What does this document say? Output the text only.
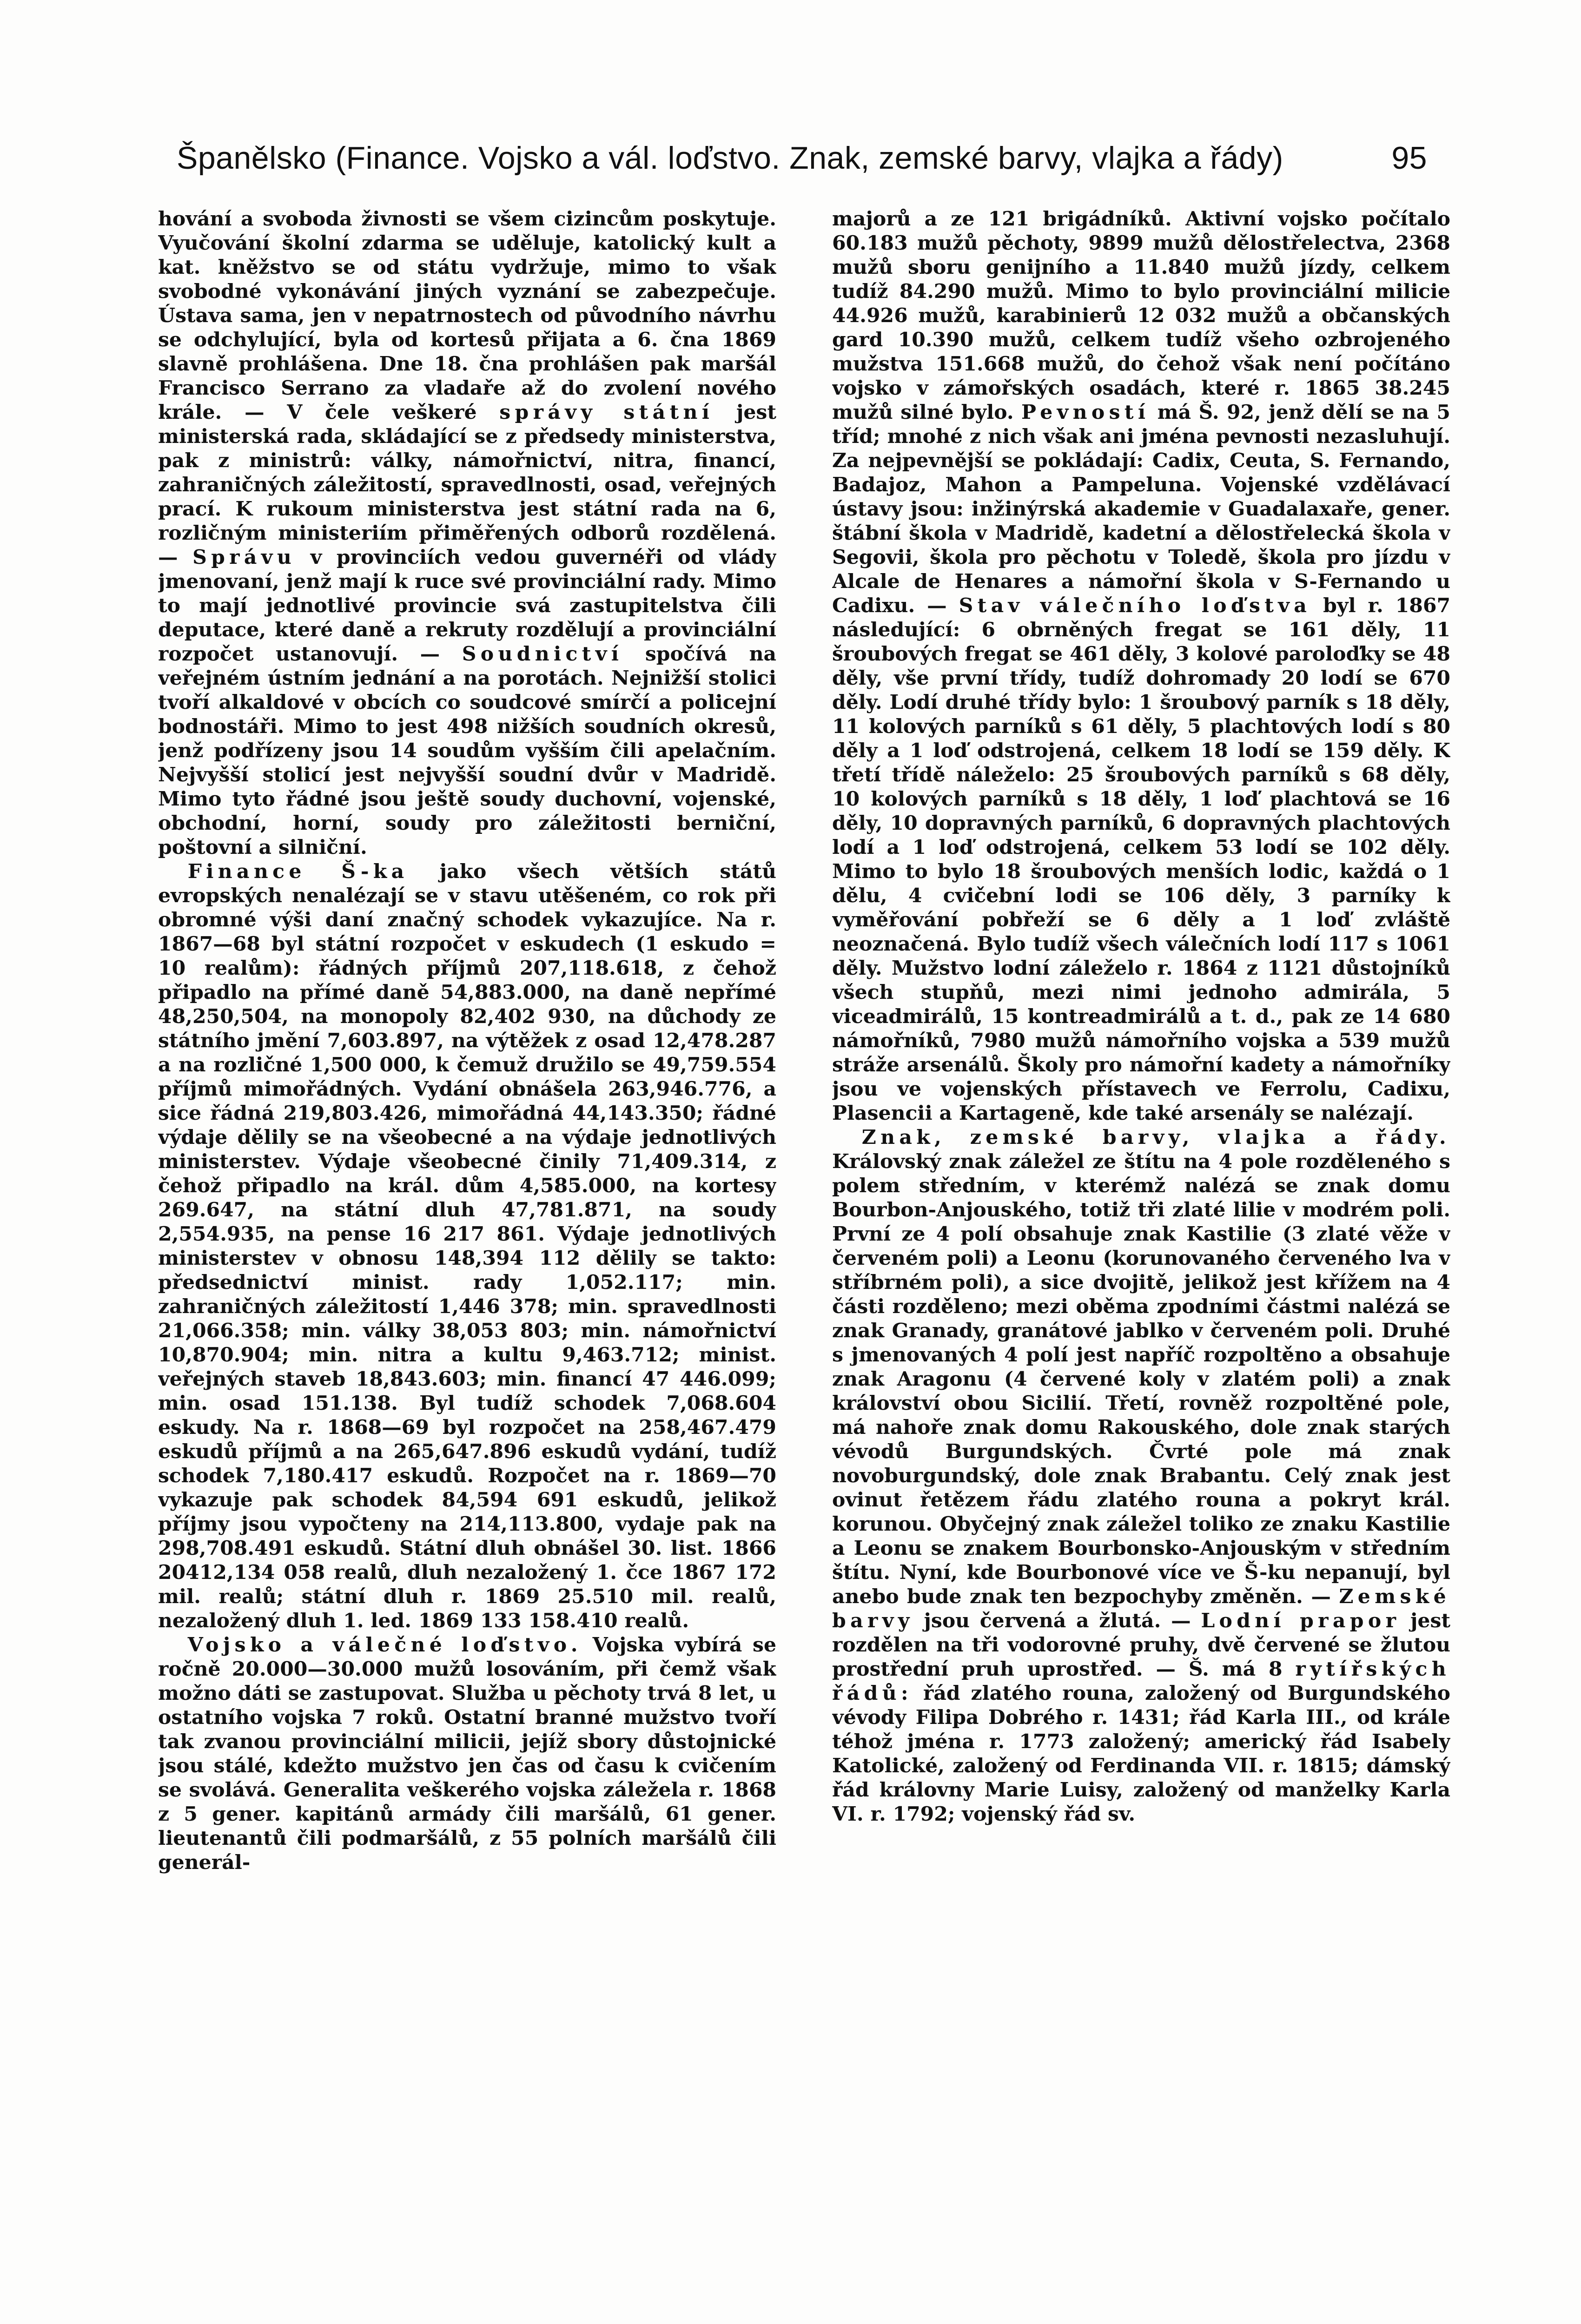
Španělsko (Finance. Vojsko a vál. loďstvo. Znak, zemské barvy, vlajka a řády)	95

hování a svoboda živnosti se všem cizincům poskytuje. Vyučování školní zdarma se uděluje, katolický kult a kat. kněžstvo se od státu vydržuje, mimo to však svobodné vykonávání jiných vyznání se zabezpečuje. Ústava sama, jen v nepatrnostech od původního návrhu se odchylující, byla od kortesů přijata a 6. čna 1869 slavně prohlášena. Dne 18. čna prohlášen pak maršál Francisco Serrano za vladaře až do zvolení nového krále. — V čele veškeré správy státní jest ministerská rada, skládající se z předsedy ministerstva, pak z ministrů: války, námořnictví, nitra, financí, zahraničných záležitostí, spravedlnosti, osad, veřejných prací. K rukoum ministerstva jest státní rada na 6, rozličným ministeriím přiměřených odborů rozdělená. — Správu v provinciích vedou guvernéři od vlády jmenovaní, jenž mají k ruce své provinciální rady. Mimo to mají jednotlivé provincie svá zastupitelstva čili deputace, které daně a rekruty rozdělují a provinciální rozpočet ustanovují. — Soudnictví spočívá na veřejném ústním jednání a na porotách. Nejnižší stolici tvoří alkaldové v obcích co soudcové smírčí a policejní bodnostáři. Mimo to jest 498 nižších soudních okresů, jenž podřízeny jsou 14 soudům vyšším čili apelačním. Nejvyšší stolicí jest nejvyšší soudní dvůr v Madridě. Mimo tyto řádné jsou ještě soudy duchovní, vojenské, obchodní, horní, soudy pro záležitosti berniční, poštovní a silniční.

Finance Š-ka jako všech větších států evropských nenalézají se v stavu utěšeném, co rok při obromné výši daní značný schodek vykazujíce. Na r. 1867—68 byl státní rozpočet v eskudech (1 eskudo = 10 realům): řádných příjmů 207,118.618, z čehož připadlo na přímé daně 54,883.000, na daně nepřímé 48,250,504, na monopoly 82,402 930, na důchody ze státního jmění 7,603.897, na výtěžek z osad 12,478.287 a na rozličné 1,500 000, k čemuž družilo se 49,759.554 příjmů mimořádných. Vydání obnášela 263,946.776, a sice řádná 219,803.426, mimořádná 44,143.350; řádné výdaje dělily se na všeobecné a na výdaje jednotlivých ministerstev. Výdaje všeobecné činily 71,409.314, z čehož připadlo na král. dům 4,585.000, na kortesy 269.647, na státní dluh 47,781.871, na soudy 2,554.935, na pense 16 217 861. Výdaje jednotlivých ministerstev v obnosu 148,394 112 dělily se takto: předsednictví minist. rady 1,052.117; min. zahraničných záležitostí 1,446 378; min. spravedlnosti 21,066.358; min. války 38,053 803; min. námořnictví 10,870.904; min. nitra a kultu 9,463.712; minist. veřejných staveb 18,843.603; min. financí 47 446.099; min. osad 151.138. Byl tudíž schodek 7,068.604 eskudy. Na r. 1868—69 byl rozpočet na 258,467.479 eskudů příjmů a na 265,647.896 eskudů vydání, tudíž schodek 7,180.417 eskudů. Rozpočet na r. 1869—70 vykazuje pak schodek 84,594 691 eskudů, jelikož příjmy jsou vypočteny na 214,113.800, vydaje pak na 298,708.491 eskudů. Státní dluh obnášel 30. list. 1866 20412,134 058 realů, dluh nezaložený 1. čce 1867 172 mil. realů; státní dluh r. 1869 25.510 mil. realů, nezaložený dluh 1. led. 1869 133 158.410 realů.

Vojsko a válečné loďstvo. Vojska vybírá se ročně 20.000—30.000 mužů losováním, při čemž však možno dáti se zastupovat. Služba u pěchoty trvá 8 let, u ostatního vojska 7 roků. Ostatní branné mužstvo tvoří tak zvanou provinciální milicii, jejíž sbory důstojnické jsou stálé, kdežto mužstvo jen čas od času k cvičením se svolává. Generalita veškerého vojska záležela r. 1868 z 5 gener. kapitánů armády čili maršálů, 61 gener. lieutenantů čili podmaršálů, z 55 polních maršálů čili generál-

majorů a ze 121 brigádníků. Aktivní vojsko počítalo 60.183 mužů pěchoty, 9899 mužů dělostřelectva, 2368 mužů sboru genijního a 11.840 mužů jízdy, celkem tudíž 84.290 mužů. Mimo to bylo provinciální milicie 44.926 mužů, karabinierů 12 032 mužů a občanských gard 10.390 mužů, celkem tudíž všeho ozbrojeného mužstva 151.668 mužů, do čehož však není počítáno vojsko v zámořských osadách, které r. 1865 38.245 mužů silné bylo. Pevností má Š. 92, jenž dělí se na 5 tříd; mnohé z nich však ani jména pevnosti nezasluhují. Za nejpevnější se pokládají: Cadix, Ceuta, S. Fernando, Badajoz, Mahon a Pampeluna. Vojenské vzdělávací ústavy jsou: inžinýrská akademie v Guadalaxaře, gener. štábní škola v Madridě, kadetní a dělostřelecká škola v Segovii, škola pro pěchotu v Toledě, škola pro jízdu v Alcale de Henares a námořní škola v S-Fernando u Cadixu. — Stav válečního loďstva byl r. 1867 následující: 6 obrněných fregat se 161 děly, 11 šroubových fregat se 461 děly, 3 kolové paroloďky se 48 děly, vše první třídy, tudíž dohromady 20 lodí se 670 děly. Lodí druhé třídy bylo: 1 šroubový parník s 18 děly, 11 kolových parníků s 61 děly, 5 plachtových lodí s 80 děly a 1 loď odstrojená, celkem 18 lodí se 159 děly. K třetí třídě náleželo: 25 šroubových parníků s 68 děly, 10 kolových parníků s 18 děly, 1 loď plachtová se 16 děly, 10 dopravných parníků, 6 dopravných plachtových lodí a 1 loď odstrojená, celkem 53 lodí se 102 děly. Mimo to bylo 18 šroubových menších lodic, každá o 1 dělu, 4 cvičební lodi se 106 děly, 3 parníky k vyměřování pobřeží se 6 děly a 1 loď zvláště neoznačená. Bylo tudíž všech válečních lodí 117 s 1061 děly. Mužstvo lodní záleželo r. 1864 z 1121 důstojníků všech stupňů, mezi nimi jednoho admirála, 5 viceadmirálů, 15 kontreadmirálů a t. d., pak ze 14 680 námořníků, 7980 mužů námořního vojska a 539 mužů stráže arsenálů. Školy pro námořní kadety a námořníky jsou ve vojenských přístavech ve Ferrolu, Cadixu, Plasencii a Kartageně, kde také arsenály se nalézají.

Znak, zemské barvy, vlajka a řády. Královský znak záležel ze štítu na 4 pole rozděleného s polem středním, v kterémž nalézá se znak domu Bourbon-Anjouského, totiž tři zlaté lilie v modrém poli. První ze 4 polí obsahuje znak Kastilie (3 zlaté věže v červeném poli) a Leonu (korunovaného červeného lva v stříbrném poli), a sice dvojitě, jelikož jest křížem na 4 části rozděleno; mezi oběma zpodními částmi nalézá se znak Granady, granátové jablko v červeném poli. Druhé s jmenovaných 4 polí jest napříč rozpoltěno a obsahuje znak Aragonu (4 červené koly v zlatém poli) a znak království obou Sicilií. Třetí, rovněž rozpoltěné pole, má nahoře znak domu Rakouského, dole znak starých vévodů Burgundských. Čvrté pole má znak novoburgundský, dole znak Brabantu. Celý znak jest ovinut řetězem řádu zlatého rouna a pokryt král. korunou. Obyčejný znak záležel toliko ze znaku Kastilie a Leonu se znakem Bourbonsko-Anjouským v středním štítu. Nyní, kde Bourbonové více ve Š-ku nepanují, byl anebo bude znak ten bezpochyby změněn. — Zemské barvy jsou červená a žlutá. — Lodní prapor jest rozdělen na tři vodorovné pruhy, dvě červené se žlutou prostřední pruh uprostřed. — Š. má 8 rytířských řádů: řád zlatého rouna, založený od Burgundského vévody Filipa Dobrého r. 1431; řád Karla III., od krále téhož jména r. 1773 založený; americký řád Isabely Katolické, založený od Ferdinanda VII. r. 1815; dámský řád královny Marie Luisy, založený od manželky Karla VI. r. 1792; vojenský řád sv.
